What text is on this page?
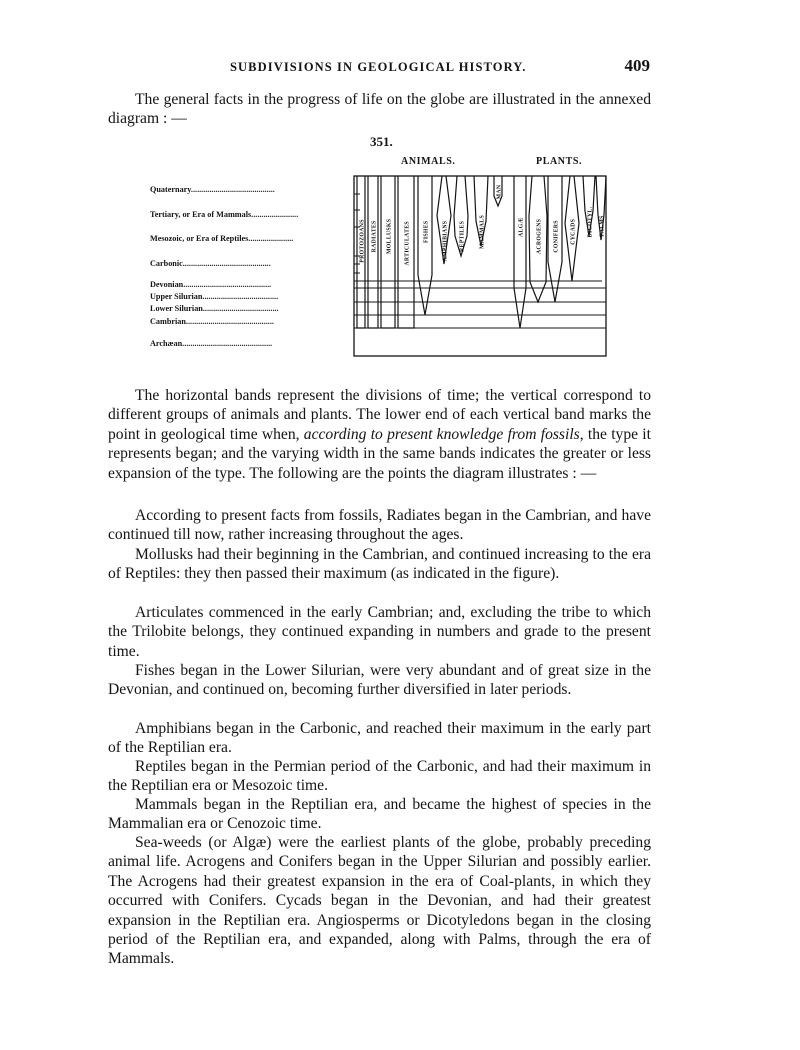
SUBDIVISIONS IN GEOLOGICAL HISTORY.	409

The general facts in the progress of life on the globe are illustrated in the annexed diagram : —

351.
ANIMALS.	PLANTS.
Quaternary.........................................
Tertiary, or Era of Mammals.......................
Mesozoic, or Era of Reptiles......................
Carbonic...........................................
Devonian...........................................
Upper Silurian.....................................
Lower Silurian.....................................
Cambrian...........................................
Archæan............................................
PROTOZOANS RADIATES MOLLUSKS ARTICULATES FISHES AMPHIBIANS REPTILES MAMMALS
MAN
ALGÆ ACROGENS CONIFERS CYCADS DICOTYL. PALMS

The horizontal bands represent the divisions of time; the vertical correspond to different groups of animals and plants. The lower end of each vertical band marks the point in geological time when, according to present knowledge from fossils, the type it represents began; and the varying width in the same bands indicates the greater or less expansion of the type. The following are the points the diagram illustrates : —

According to present facts from fossils, Radiates began in the Cambrian, and have continued till now, rather increasing throughout the ages.

Mollusks had their beginning in the Cambrian, and continued increasing to the era of Reptiles: they then passed their maximum (as indicated in the figure).

Articulates commenced in the early Cambrian; and, excluding the tribe to which the Trilobite belongs, they continued expanding in numbers and grade to the present time.

Fishes began in the Lower Silurian, were very abundant and of great size in the Devonian, and continued on, becoming further diversified in later periods.

Amphibians began in the Carbonic, and reached their maximum in the early part of the Reptilian era.

Reptiles began in the Permian period of the Carbonic, and had their maximum in the Reptilian era or Mesozoic time.

Mammals began in the Reptilian era, and became the highest of species in the Mammalian era or Cenozoic time.

Sea-weeds (or Algæ) were the earliest plants of the globe, probably preceding animal life. Acrogens and Conifers began in the Upper Silurian and possibly earlier. The Acrogens had their greatest expansion in the era of Coal-plants, in which they occurred with Conifers. Cycads began in the Devonian, and had their greatest expansion in the Reptilian era. Angiosperms or Dicotyledons began in the closing period of the Reptilian era, and expanded, along with Palms, through the era of Mammals.
